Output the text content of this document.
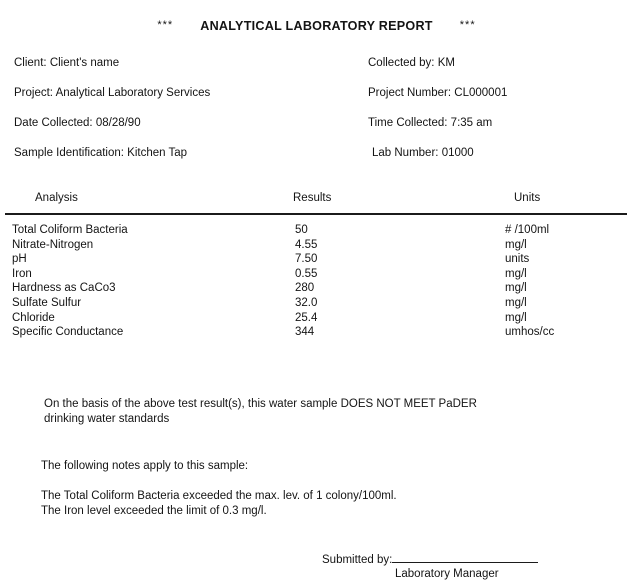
*** ANALYTICAL LABORATORY REPORT ***
Client: Client's name	Collected by: KM
Project: Analytical Laboratory Services	Project Number: CL000001
Date Collected: 08/28/90	Time Collected: 7:35 am
Sample Identification: Kitchen Tap	Lab Number: 01000
Analysis	Results	Units
Total Coliform Bacteria	50	# /100ml
Nitrate-Nitrogen	4.55	mg/l
pH	7.50	units
Iron	0.55	mg/l
Hardness as CaCo3	280	mg/l
Sulfate Sulfur	32.0	mg/l
Chloride	25.4	mg/l
Specific Conductance	344	umhos/cc
On the basis of the above test result(s), this water sample DOES NOT MEET PaDER
drinking water standards
The following notes apply to this sample:
The Total Coliform Bacteria exceeded the max. lev. of 1 colony/100ml.
The Iron level exceeded the limit of 0.3 mg/l.
Submitted by:
Laboratory Manager
